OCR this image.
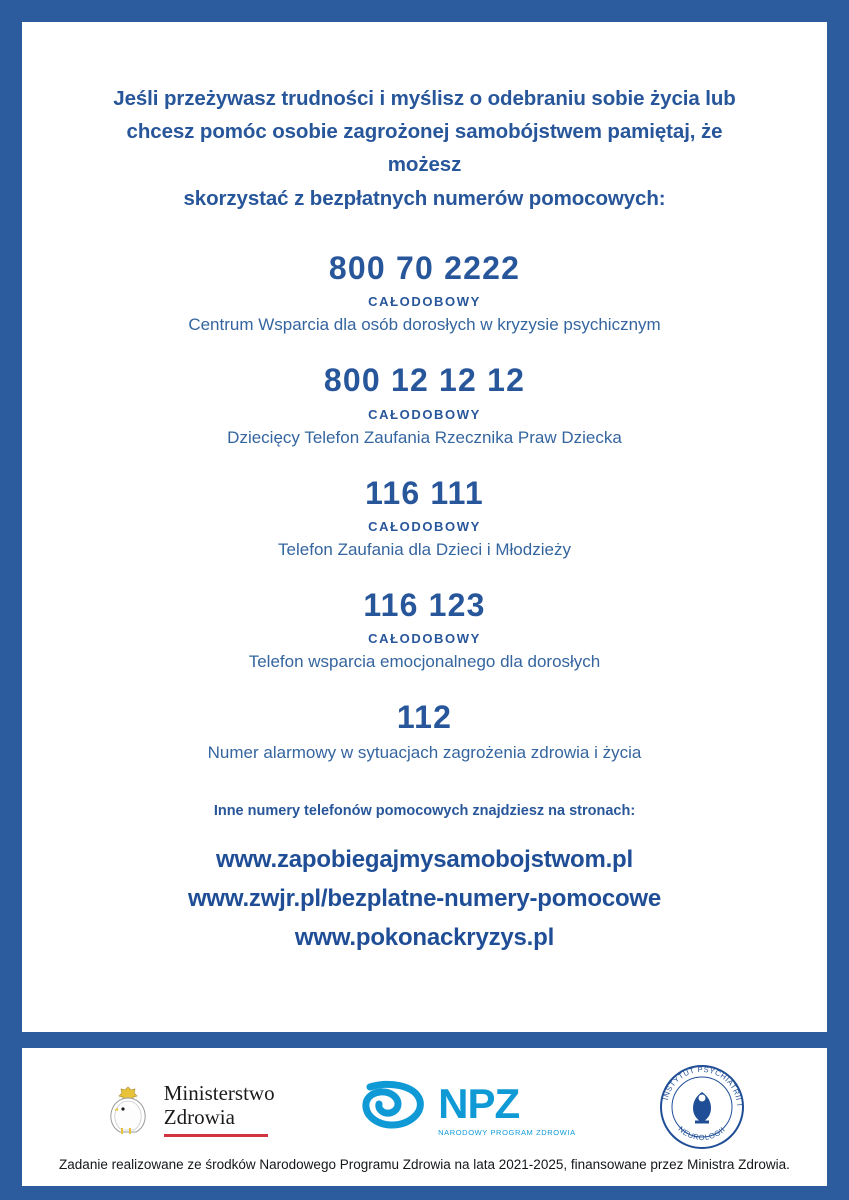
Jeśli przeżywasz trudności i myślisz o odebraniu sobie życia lub
chcesz pomóc osobie zagrożonej samobójstwem pamiętaj, że możesz
skorzystać z bezpłatnych numerów pomocowych:
800 70 2222
CAŁODOBOWY
Centrum Wsparcia dla osób dorosłych w kryzysie psychicznym
800 12 12 12
CAŁODOBOWY
Dziecięcy Telefon Zaufania Rzecznika Praw Dziecka
116 111
CAŁODOBOWY
Telefon Zaufania dla Dzieci i Młodzieży
116 123
CAŁODOBOWY
Telefon wsparcia emocjonalnego dla dorosłych
112
Numer alarmowy w sytuacjach zagrożenia zdrowia i życia
Inne numery telefonów pomocowych znajdziesz na stronach:
www.zapobiegajmysamobojstwom.pl
www.zwjr.pl/bezplatne-numery-pomocowe
www.pokonackryzys.pl
Ministerstwo
Zdrowia	NPZ
NARODOWY PROGRAM ZDROWIA
INSTYTUT PSYCHIATRII I
NEUROLOGII
Zadanie realizowane ze środków Narodowego Programu Zdrowia na lata 2021-2025, finansowane przez Ministra Zdrowia.
